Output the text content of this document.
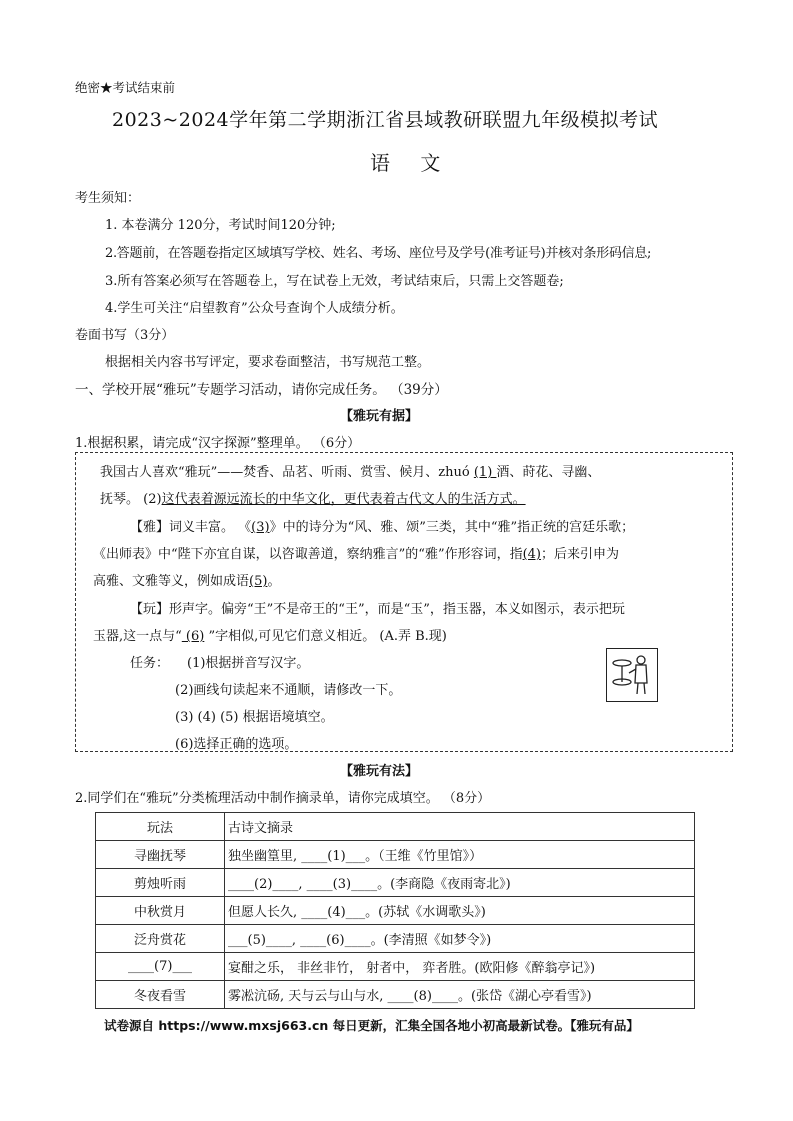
绝密★考试结束前
2023~2024学年第二学期浙江省县域教研联盟九年级模拟考试
语 文
考生须知：
1. 本卷满分 120分，考试时间120分钟;
2.答题前，在答题卷指定区域填写学校、姓名、考场、座位号及学号(准考证号)并核对条形码信息;
3.所有答案必须写在答题卷上，写在试卷上无效，考试结束后，只需上交答题卷;
4.学生可关注“启望教育”公众号查询个人成绩分析。
卷面书写（3分）
根据相关内容书写评定，要求卷面整洁，书写规范工整。
一、学校开展“雅玩”专题学习活动，请你完成任务。 （39分）
【雅玩有据】
1.根据积累，请完成“汉字探源”整理单。 （6分）
我国古人喜欢“雅玩”——焚香、品茗、听雨、赏雪、候月、zhuó (1) 酒、莳花、寻幽、
抚琴。 (2)这代表着源远流长的中华文化，更代表着古代文人的生活方式。
【雅】词义丰富。 《(3)》中的诗分为“风、雅、颂”三类，其中“雅”指正统的宫廷乐歌；
《出师表》中“陛下亦宜自谋，以咨诹善道，察纳雅言”的“雅”作形容词，指(4)；后来引申为
高雅、文雅等义，例如成语(5)。
【玩】形声字。偏旁“王”不是帝王的“王”，而是“玉”，指玉器，本义如图示，表示把玩
玉器,这一点与“ (6) ”字相似,可见它们意义相近。 (A.弄 B.现)
任务： (1)根据拼音写汉字。
(2)画线句读起来不通顺，请修改一下。
(3) (4) (5) 根据语境填空。
(6)选择正确的选项。
【雅玩有法】
2.同学们在“雅玩”分类梳理活动中制作摘录单，请你完成填空。 （8分）
玩法	古诗文摘录
寻幽抚琴	独坐幽篁里, ____(1)___。（王维《竹里馆》）
剪烛听雨	____(2)____, ____(3)____。(李商隐《夜雨寄北》)
中秋赏月	但愿人长久, ____(4)___。(苏轼《水调歌头》)
泛舟赏花	___(5)____, ____(6)____。(李清照《如梦令》)
____(7)___	宴酣之乐， 非丝非竹， 射者中， 弈者胜。(欧阳修《醉翁亭记》)
冬夜看雪	雾凇沆砀, 天与云与山与水, ____(8)____。(张岱《湖心亭看雪》)
试卷源自 https://www.mxsj663.cn 每日更新，汇集全国各地小初高最新试卷。【雅玩有品】
